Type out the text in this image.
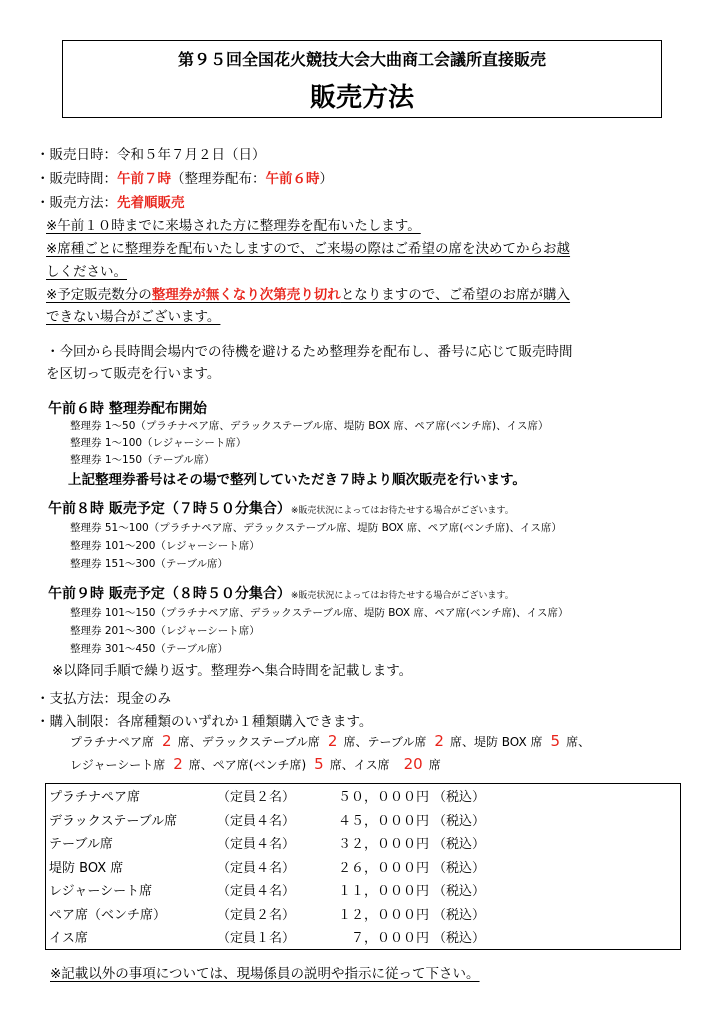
第９５回全国花火競技大会大曲商工会議所直接販売
販売方法
・販売日時：令和５年７月２日（日）
・販売時間：午前７時（整理券配布：午前６時）
・販売方法：先着順販売
※午前１０時までに来場された方に整理券を配布いたします。
※席種ごとに整理券を配布いたしますので、ご来場の際はご希望の席を決めてからお越
しください。
※予定販売数分の整理券が無くなり次第売り切れとなりますので、ご希望のお席が購入
できない場合がございます。
・今回から長時間会場内での待機を避けるため整理券を配布し、番号に応じて販売時間
を区切って販売を行います。
午前６時 整理券配布開始
整理券 1～50（プラチナペア席、デラックステーブル席、堤防 BOX 席、ペア席(ベンチ席)、イス席）
整理券 1～100（レジャーシート席）
整理券 1～150（テーブル席）
上記整理券番号はその場で整列していただき７時より順次販売を行います。
午前８時 販売予定（７時５０分集合）※販売状況によってはお待たせする場合がございます。
整理券 51～100（プラチナペア席、デラックステーブル席、堤防 BOX 席、ペア席(ベンチ席)、イス席）
整理券 101～200（レジャーシート席）
整理券 151～300（テーブル席）
午前９時 販売予定（８時５０分集合）※販売状況によってはお待たせする場合がございます。
整理券 101～150（プラチナペア席、デラックステーブル席、堤防 BOX 席、ペア席(ベンチ席)、イス席）
整理券 201～300（レジャーシート席）
整理券 301～450（テーブル席）
※以降同手順で繰り返す。整理券へ集合時間を記載します。
・支払方法：現金のみ
・購入制限：各席種類のいずれか１種類購入できます。
プラチナペア席 2 席、デラックステーブル席 2 席、テーブル席 2 席、堤防 BOX 席 5 席、
レジャーシート席 2 席、ペア席(ベンチ席) 5 席、イス席 20 席
プラチナペア席	（定員２名）	５０，０００円	（税込）
デラックステーブル席	（定員４名）	４５，０００円	（税込）
テーブル席	（定員４名）	３２，０００円	（税込）
堤防 BOX 席	（定員４名）	２６，０００円	（税込）
レジャーシート席	（定員４名）	１１，０００円	（税込）
ペア席（ベンチ席）	（定員２名）	１２，０００円	（税込）
イス席	（定員１名）	７，０００円	（税込）
※記載以外の事項については、現場係員の説明や指示に従って下さい。
